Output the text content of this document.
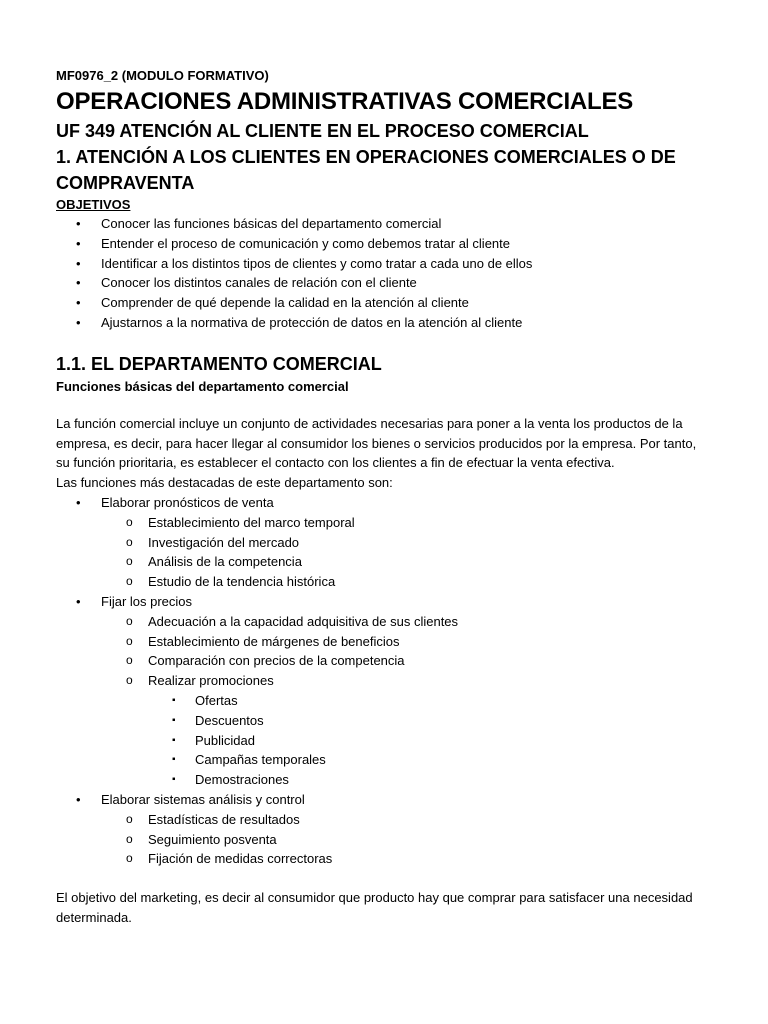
MF0976_2 (MODULO FORMATIVO)

OPERACIONES ADMINISTRATIVAS COMERCIALES
UF 349 ATENCIÓN AL CLIENTE EN EL PROCESO COMERCIAL
1. ATENCIÓN A LOS CLIENTES EN OPERACIONES COMERCIALES O DE COMPRAVENTA

OBJETIVOS

• Conocer las funciones básicas del departamento comercial
• Entender el proceso de comunicación y como debemos tratar al cliente
• Identificar a los distintos tipos de clientes y como tratar a cada uno de ellos
• Conocer los distintos canales de relación con el cliente
• Comprender de qué depende la calidad en la atención al cliente
• Ajustarnos a la normativa de protección de datos en la atención al cliente
1.1. EL DEPARTAMENTO COMERCIAL

Funciones básicas del departamento comercial

La función comercial incluye un conjunto de actividades necesarias para poner a la venta los productos de la empresa, es decir, para hacer llegar al consumidor los bienes o servicios producidos por la empresa. Por tanto, su función prioritaria, es establecer el contacto con los clientes a fin de efectuar la venta efectiva.

Las funciones más destacadas de este departamento son:

• Elaborar pronósticos de venta
o Establecimiento del marco temporal
o Investigación del mercado
o Análisis de la competencia
o Estudio de la tendencia histórica
• Fijar los precios
o Adecuación a la capacidad adquisitiva de sus clientes
o Establecimiento de márgenes de beneficios
o Comparación con precios de la competencia
o Realizar promociones
▪ Ofertas
▪ Descuentos
▪ Publicidad
▪ Campañas temporales
▪ Demostraciones
• Elaborar sistemas análisis y control
o Estadísticas de resultados
o Seguimiento posventa
o Fijación de medidas correctoras

El objetivo del marketing, es decir al consumidor que producto hay que comprar para satisfacer una necesidad determinada.
